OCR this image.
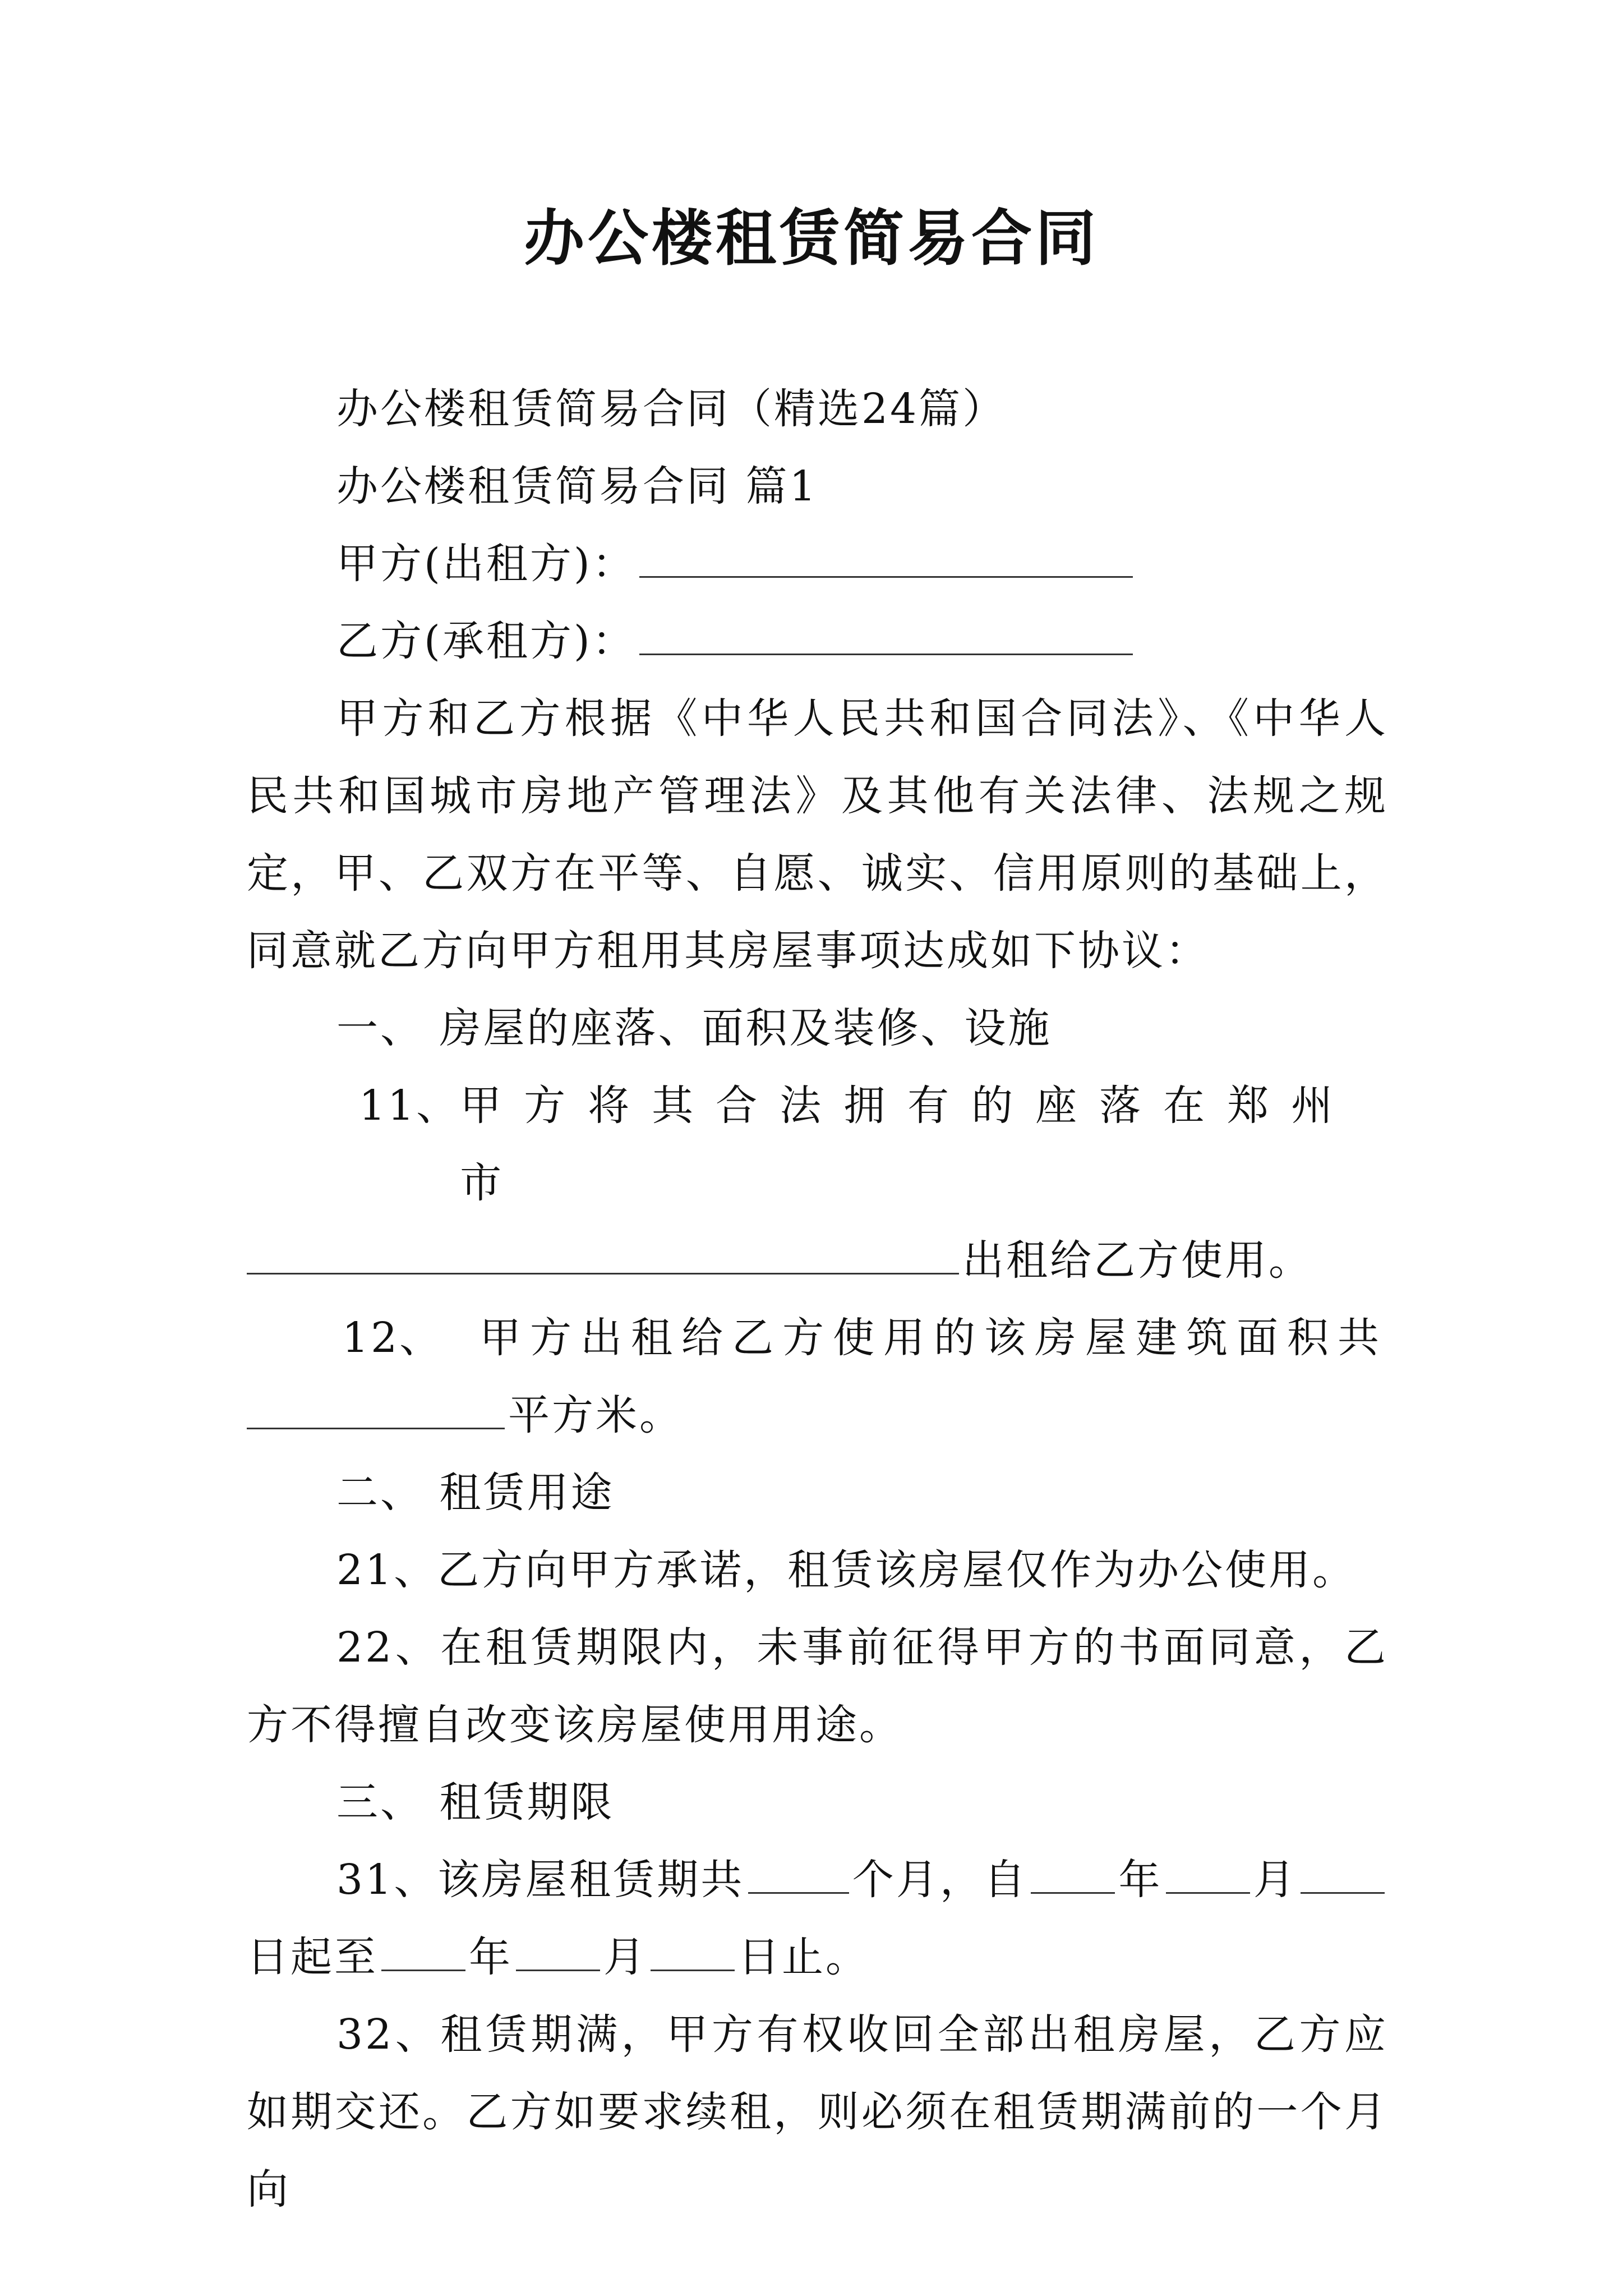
办公楼租赁简易合同

办公楼租赁简易合同（精选24篇）

办公楼租赁简易合同 篇1

甲方(出租方)：

乙方(承租方)：

甲方和乙方根据《中华人民共和国合同法》、《中华人民共和国城市房地产管理法》及其他有关法律、法规之规定，甲、乙双方在平等、自愿、诚实、信用原则的基础上，同意就乙方向甲方租用其房屋事项达成如下协议：

一、 房屋的座落、面积及装修、设施

11、 甲方将其合法拥有的座落在郑州市

出租给乙方使用。

12、 甲方出租给乙方使用的该房屋建筑面积共

平方米。

二、 租赁用途

21、乙方向甲方承诺，租赁该房屋仅作为办公使用。

22、在租赁期限内，未事前征得甲方的书面同意，乙方不得擅自改变该房屋使用用途。

三、 租赁期限

31、该房屋租赁期共	个月，自 年 月日起至 年 月 日止。

32、租赁期满，甲方有权收回全部出租房屋，乙方应如期交还。乙方如要求续租，则必须在租赁期满前的一个月向
